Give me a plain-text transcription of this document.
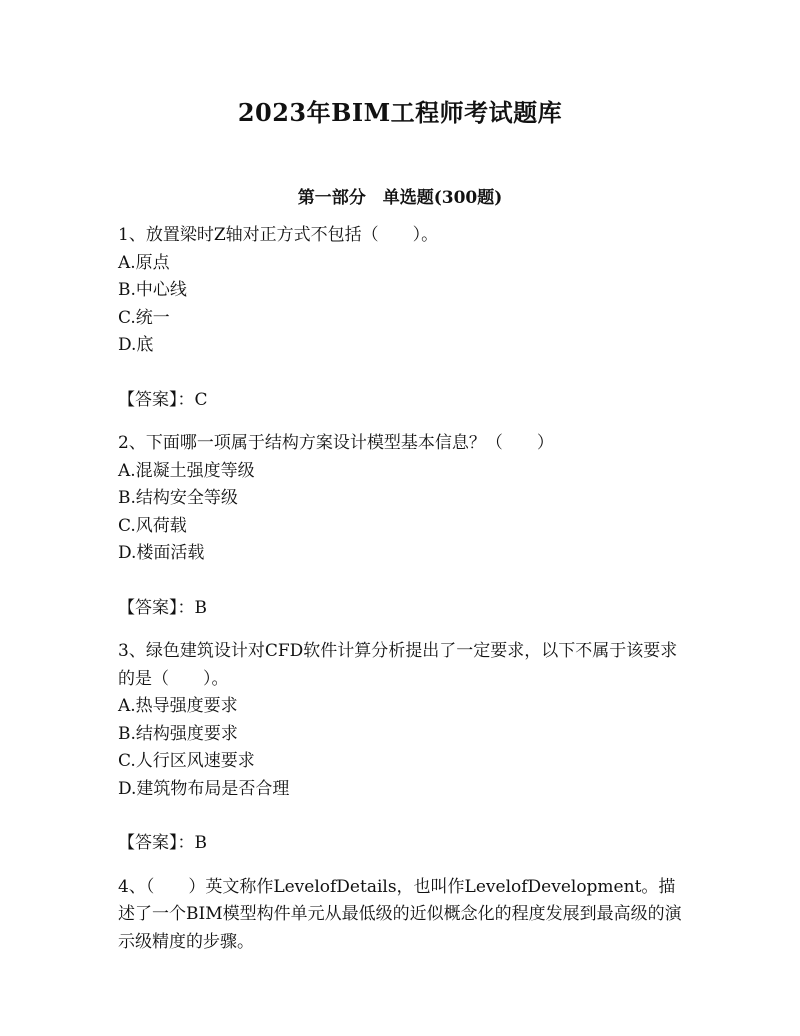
2023年BIM工程师考试题库
第一部分　单选题(300题)

1、放置梁时Z轴对正方式不包括（　　）。

A.原点

B.中心线

C.统一

D.底

【答案】：C

2、下面哪一项属于结构方案设计模型基本信息？（　　）

A.混凝土强度等级

B.结构安全等级

C.风荷载

D.楼面活载

【答案】：B

3、绿色建筑设计对CFD软件计算分析提出了一定要求，以下不属于该要求的是（　　）。

A.热导强度要求

B.结构强度要求

C.人行区风速要求

D.建筑物布局是否合理

【答案】：B

4、（　　）英文称作LevelofDetails，也叫作LevelofDevelopment。描述了一个BIM模型构件单元从最低级的近似概念化的程度发展到最高级的演示级精度的步骤。
